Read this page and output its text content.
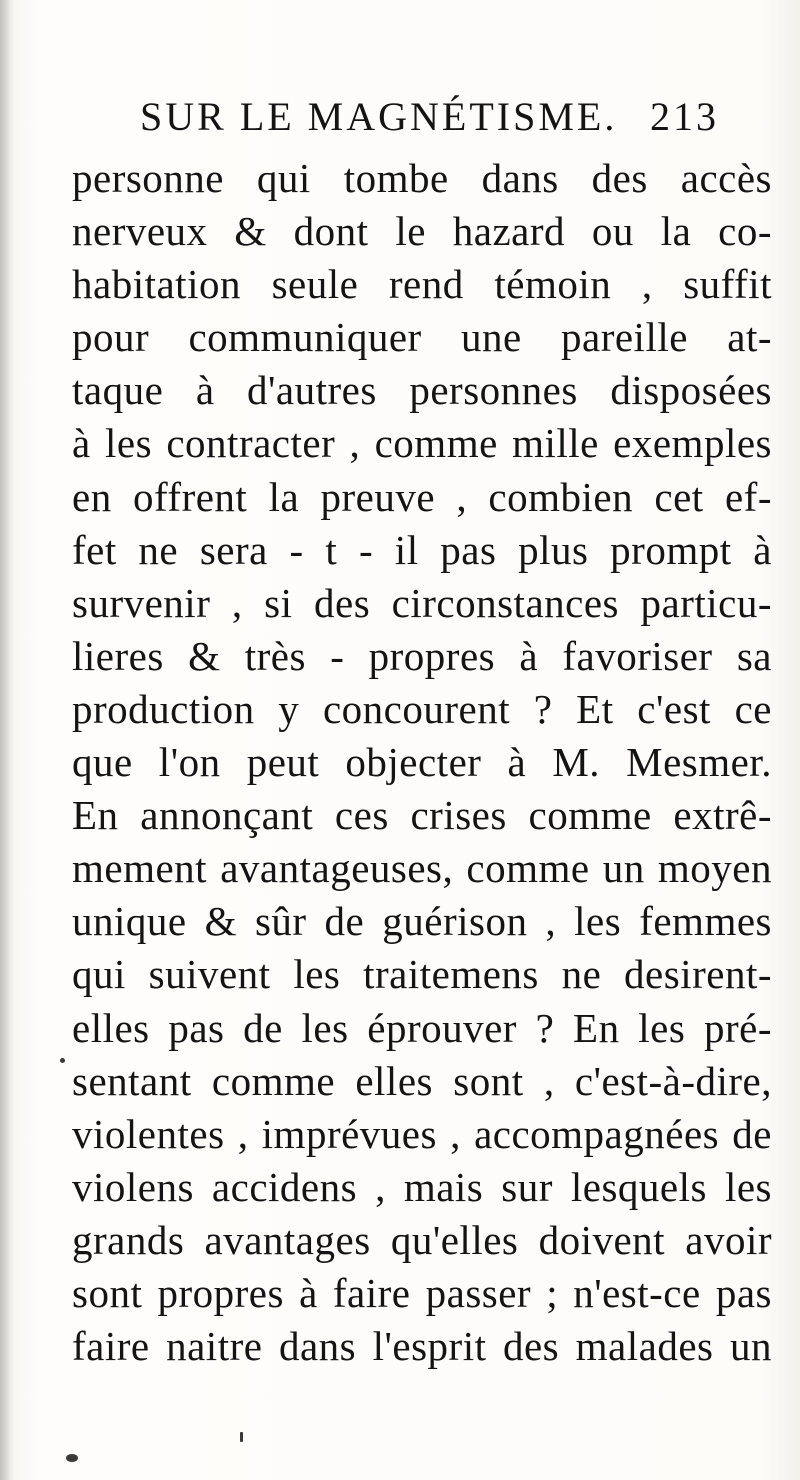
SUR LE MAGNÉTISME. 213
personne qui tombe dans des accès
nerveux & dont le hazard ou la co-
habitation seule rend témoin , suffit
pour communiquer une pareille at-
taque à d'autres personnes disposées
à les contracter , comme mille exemples
en offrent la preuve , combien cet ef-
fet ne sera - t - il pas plus prompt à
survenir , si des circonstances particu-
lieres & très - propres à favoriser sa
production y concourent ? Et c'est ce
que l'on peut objecter à M. Mesmer.
En annonçant ces crises comme extrê-
mement avantageuses, comme un moyen
unique & sûr de guérison , les femmes
qui suivent les traitemens ne desirent-
elles pas de les éprouver ? En les pré-
sentant comme elles sont , c'est-à-dire,
violentes , imprévues , accompagnées de
violens accidens , mais sur lesquels les
grands avantages qu'elles doivent avoir
sont propres à faire passer ; n'est-ce pas
faire naitre dans l'esprit des malades un
